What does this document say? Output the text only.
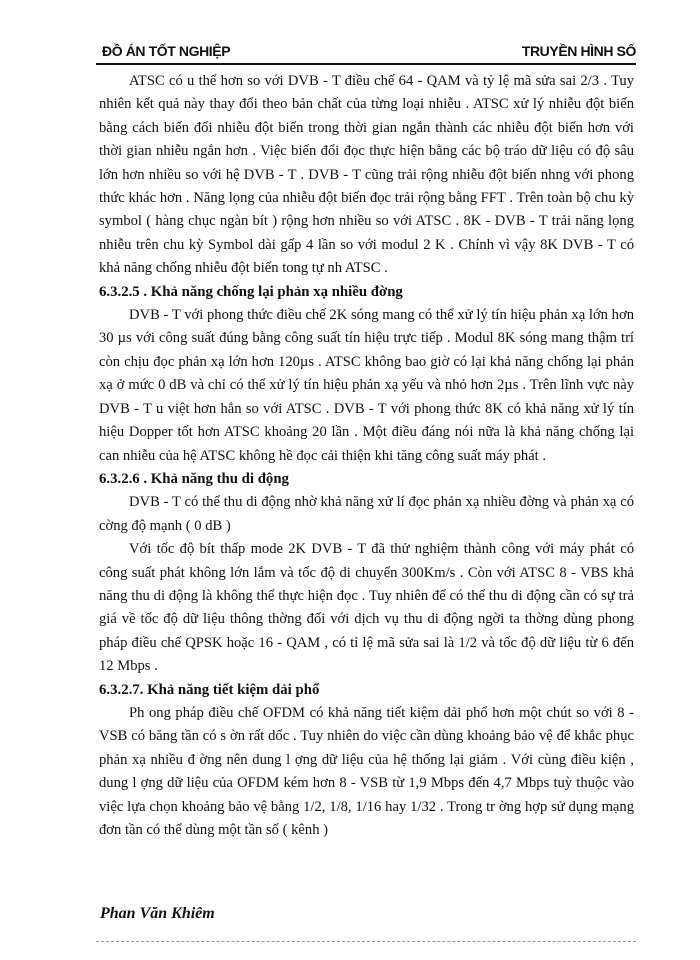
ĐỒ ÁN TỐT NGHIỆP	TRUYỀN HÌNH SỐ

ATSC có u thế hơn so với DVB - T điều chế 64 - QAM và tỷ lệ mã sửa sai 2/3 . Tuy nhiên kết quả này thay đổi theo bản chất của từng loại nhiễu . ATSC xử lý nhiễu đột biến bằng cách biến đổi nhiễu đột biến trong thời gian ngắn thành các nhiễu đột biến hơn với thời gian nhiễu ngắn hơn . Việc biến đổi đọc thực hiện bằng các bộ tráo dữ liệu có độ sâu lớn hơn nhiều so với hệ DVB - T . DVB - T cũng trải rộng nhiễu đột biến nhng với phong thức khác hơn . Năng lọng của nhiễu đột biến đọc trải rộng bằng FFT . Trên toàn bộ chu kỳ symbol ( hàng chục ngàn bít ) rộng hơn nhiều so với ATSC . 8K - DVB - T trải năng lọng nhiễu trên chu kỳ Symbol dài gấp 4 lần so với modul 2 K . Chính vì vậy 8K DVB - T có khả năng chống nhiễu đột biến tong tự nh ATSC .

6.3.2.5 . Khả năng chống lại phản xạ nhiều đờng

DVB - T với phong thức điều chế 2K sóng mang có thể xử lý tín hiệu phản xạ lớn hơn 30 µs với công suất đúng bằng công suất tín hiệu trực tiếp . Modul 8K sóng mang thậm trí còn chịu đọc phản xạ lớn hơn 120µs . ATSC không bao giờ có lại khả năng chống lại phản xạ ở mức 0 dB và chỉ có thể xử lý tín hiệu phản xạ yếu và nhỏ hơn 2µs . Trên lĩnh vực này DVB - T u việt hơn hẳn so với ATSC . DVB - T với phong thức 8K có khả năng xử lý tín hiệu Dopper tốt hơn ATSC khoảng 20 lần . Một điều đáng nói nữa là khả năng chống lại can nhiễu của hệ ATSC không hề đọc cải thiện khi tăng công suất máy phát .

6.3.2.6 . Khả năng thu di động

DVB - T có thể thu di động nhờ khả năng xử lí đọc phản xạ nhiều đờng và phản xạ có cờng độ mạnh ( 0 dB )

Với tốc độ bít thấp mode 2K DVB - T đã thử nghiệm thành công với máy phát có công suất phát không lớn lắm và tốc độ di chuyển 300Km/s . Còn với ATSC 8 - VBS khả năng thu di động là không thể thực hiện đọc . Tuy nhiên để có thể thu di động cần có sự trả giá về tốc độ dữ liệu thông thờng đối với dịch vụ thu di động ngời ta thờng dùng phong pháp điều chế QPSK hoặc 16 - QAM , có tỉ lệ mã sửa sai là 1/2 và tốc độ dữ liệu từ 6 đến 12 Mbps .

6.3.2.7. Khả năng tiết kiệm dải phổ

Ph ong pháp điều chế OFDM có khả năng tiết kiệm dải phổ hơn một chút so với 8 - VSB có băng tần có s ờn rất dốc . Tuy nhiên do việc cần dùng khoảng bảo vệ để khắc phục phản xạ nhiều đ ờng nên dung l ợng dữ liệu của hệ thống lại giảm . Với cùng điều kiện , dung l ợng dữ liệu của OFDM kém hơn 8 - VSB từ 1,9 Mbps đến 4,7 Mbps tuỳ thuộc vào việc lựa chọn khoảng bảo vệ bằng 1/2, 1/8, 1/16 hay 1/32 . Trong tr ờng hợp sử dụng mạng đơn tần có thể dùng một tần số ( kênh )

Phan Văn Khiêm
